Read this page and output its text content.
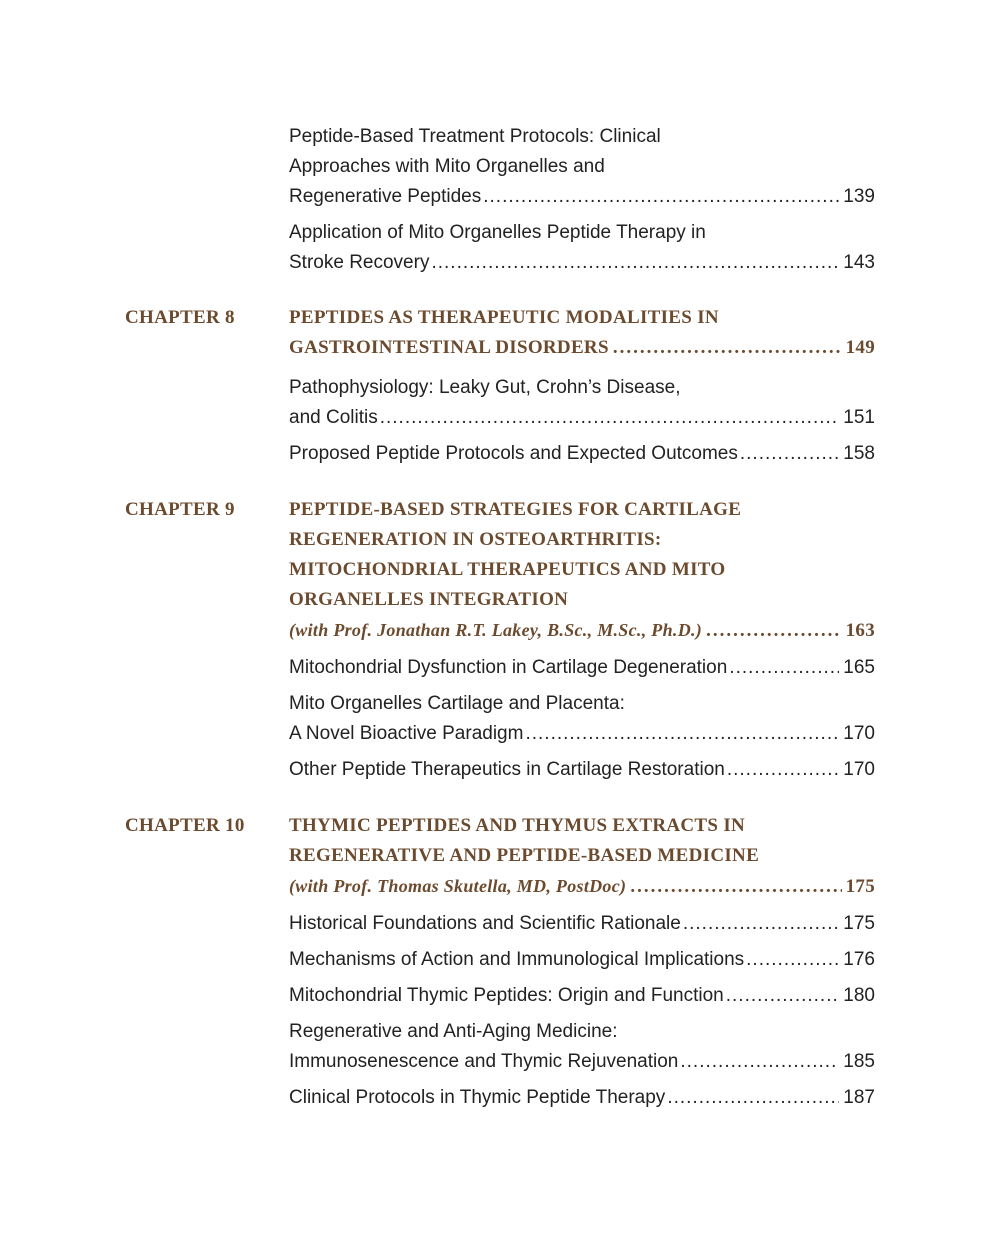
Peptide-Based Treatment Protocols: Clinical
Approaches with Mito Organelles and
Regenerative Peptides .....	139
Application of Mito Organelles Peptide Therapy in
Stroke Recovery .....	143
CHAPTER 8	PEPTIDES AS THERAPEUTIC MODALITIES IN
GASTROINTESTINAL DISORDERS .....	149
Pathophysiology: Leaky Gut, Crohn’s Disease,
and Colitis .....	151
Proposed Peptide Protocols and Expected Outcomes .....	158
CHAPTER 9	PEPTIDE-BASED STRATEGIES FOR CARTILAGE
REGENERATION IN OSTEOARTHRITIS:
MITOCHONDRIAL THERAPEUTICS AND MITO
ORGANELLES INTEGRATION
(with Prof. Jonathan R.T. Lakey, B.Sc., M.Sc., Ph.D.) .....	163
Mitochondrial Dysfunction in Cartilage Degeneration .....	165
Mito Organelles Cartilage and Placenta:
A Novel Bioactive Paradigm .....	170
Other Peptide Therapeutics in Cartilage Restoration .....	170
CHAPTER 10 THYMIC PEPTIDES AND THYMUS EXTRACTS IN
REGENERATIVE AND PEPTIDE-BASED MEDICINE
(with Prof. Thomas Skutella, MD, PostDoc) .....	175
Historical Foundations and Scientific Rationale .....	175
Mechanisms of Action and Immunological Implications .....	176
Mitochondrial Thymic Peptides: Origin and Function .....	180
Regenerative and Anti-Aging Medicine:
Immunosenescence and Thymic Rejuvenation .....	185
Clinical Protocols in Thymic Peptide Therapy .....	187
